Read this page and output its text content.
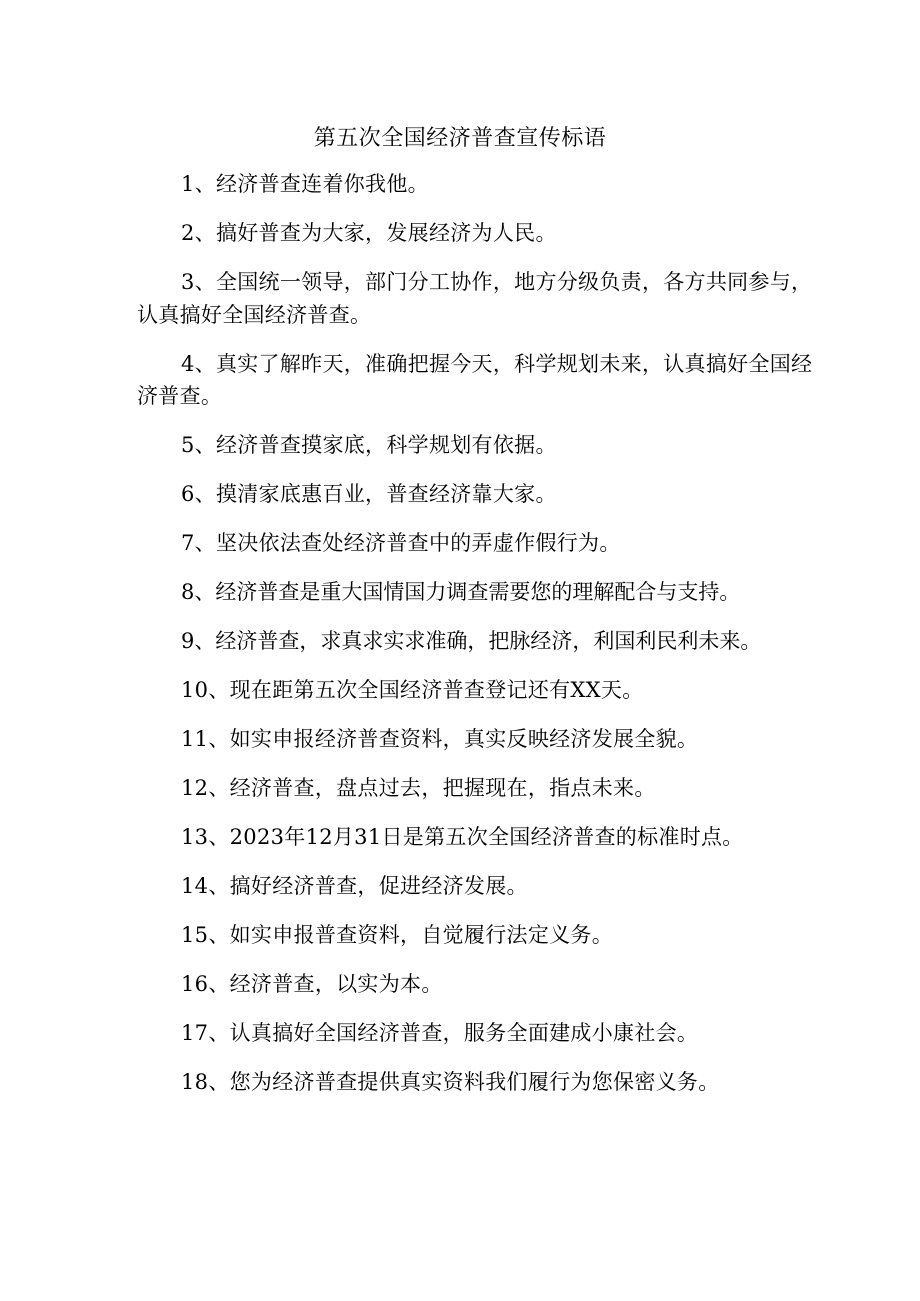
第五次全国经济普查宣传标语

1、经济普查连着你我他。

2、搞好普查为大家，发展经济为人民。

3、全国统一领导，部门分工协作，地方分级负责，各方共同参与，认真搞好全国经济普查。

4、真实了解昨天，准确把握今天，科学规划未来，认真搞好全国经济普查。

5、经济普查摸家底，科学规划有依据。

6、摸清家底惠百业，普查经济靠大家。

7、坚决依法查处经济普查中的弄虚作假行为。

8、经济普查是重大国情国力调查需要您的理解配合与支持。

9、经济普查，求真求实求准确，把脉经济，利国利民利未来。

10、现在距第五次全国经济普查登记还有XX天。

11、如实申报经济普查资料，真实反映经济发展全貌。

12、经济普查，盘点过去，把握现在，指点未来。

13、2023年12月31日是第五次全国经济普查的标准时点。

14、搞好经济普查，促进经济发展。

15、如实申报普查资料，自觉履行法定义务。

16、经济普查，以实为本。

17、认真搞好全国经济普查，服务全面建成小康社会。

18、您为经济普查提供真实资料我们履行为您保密义务。
